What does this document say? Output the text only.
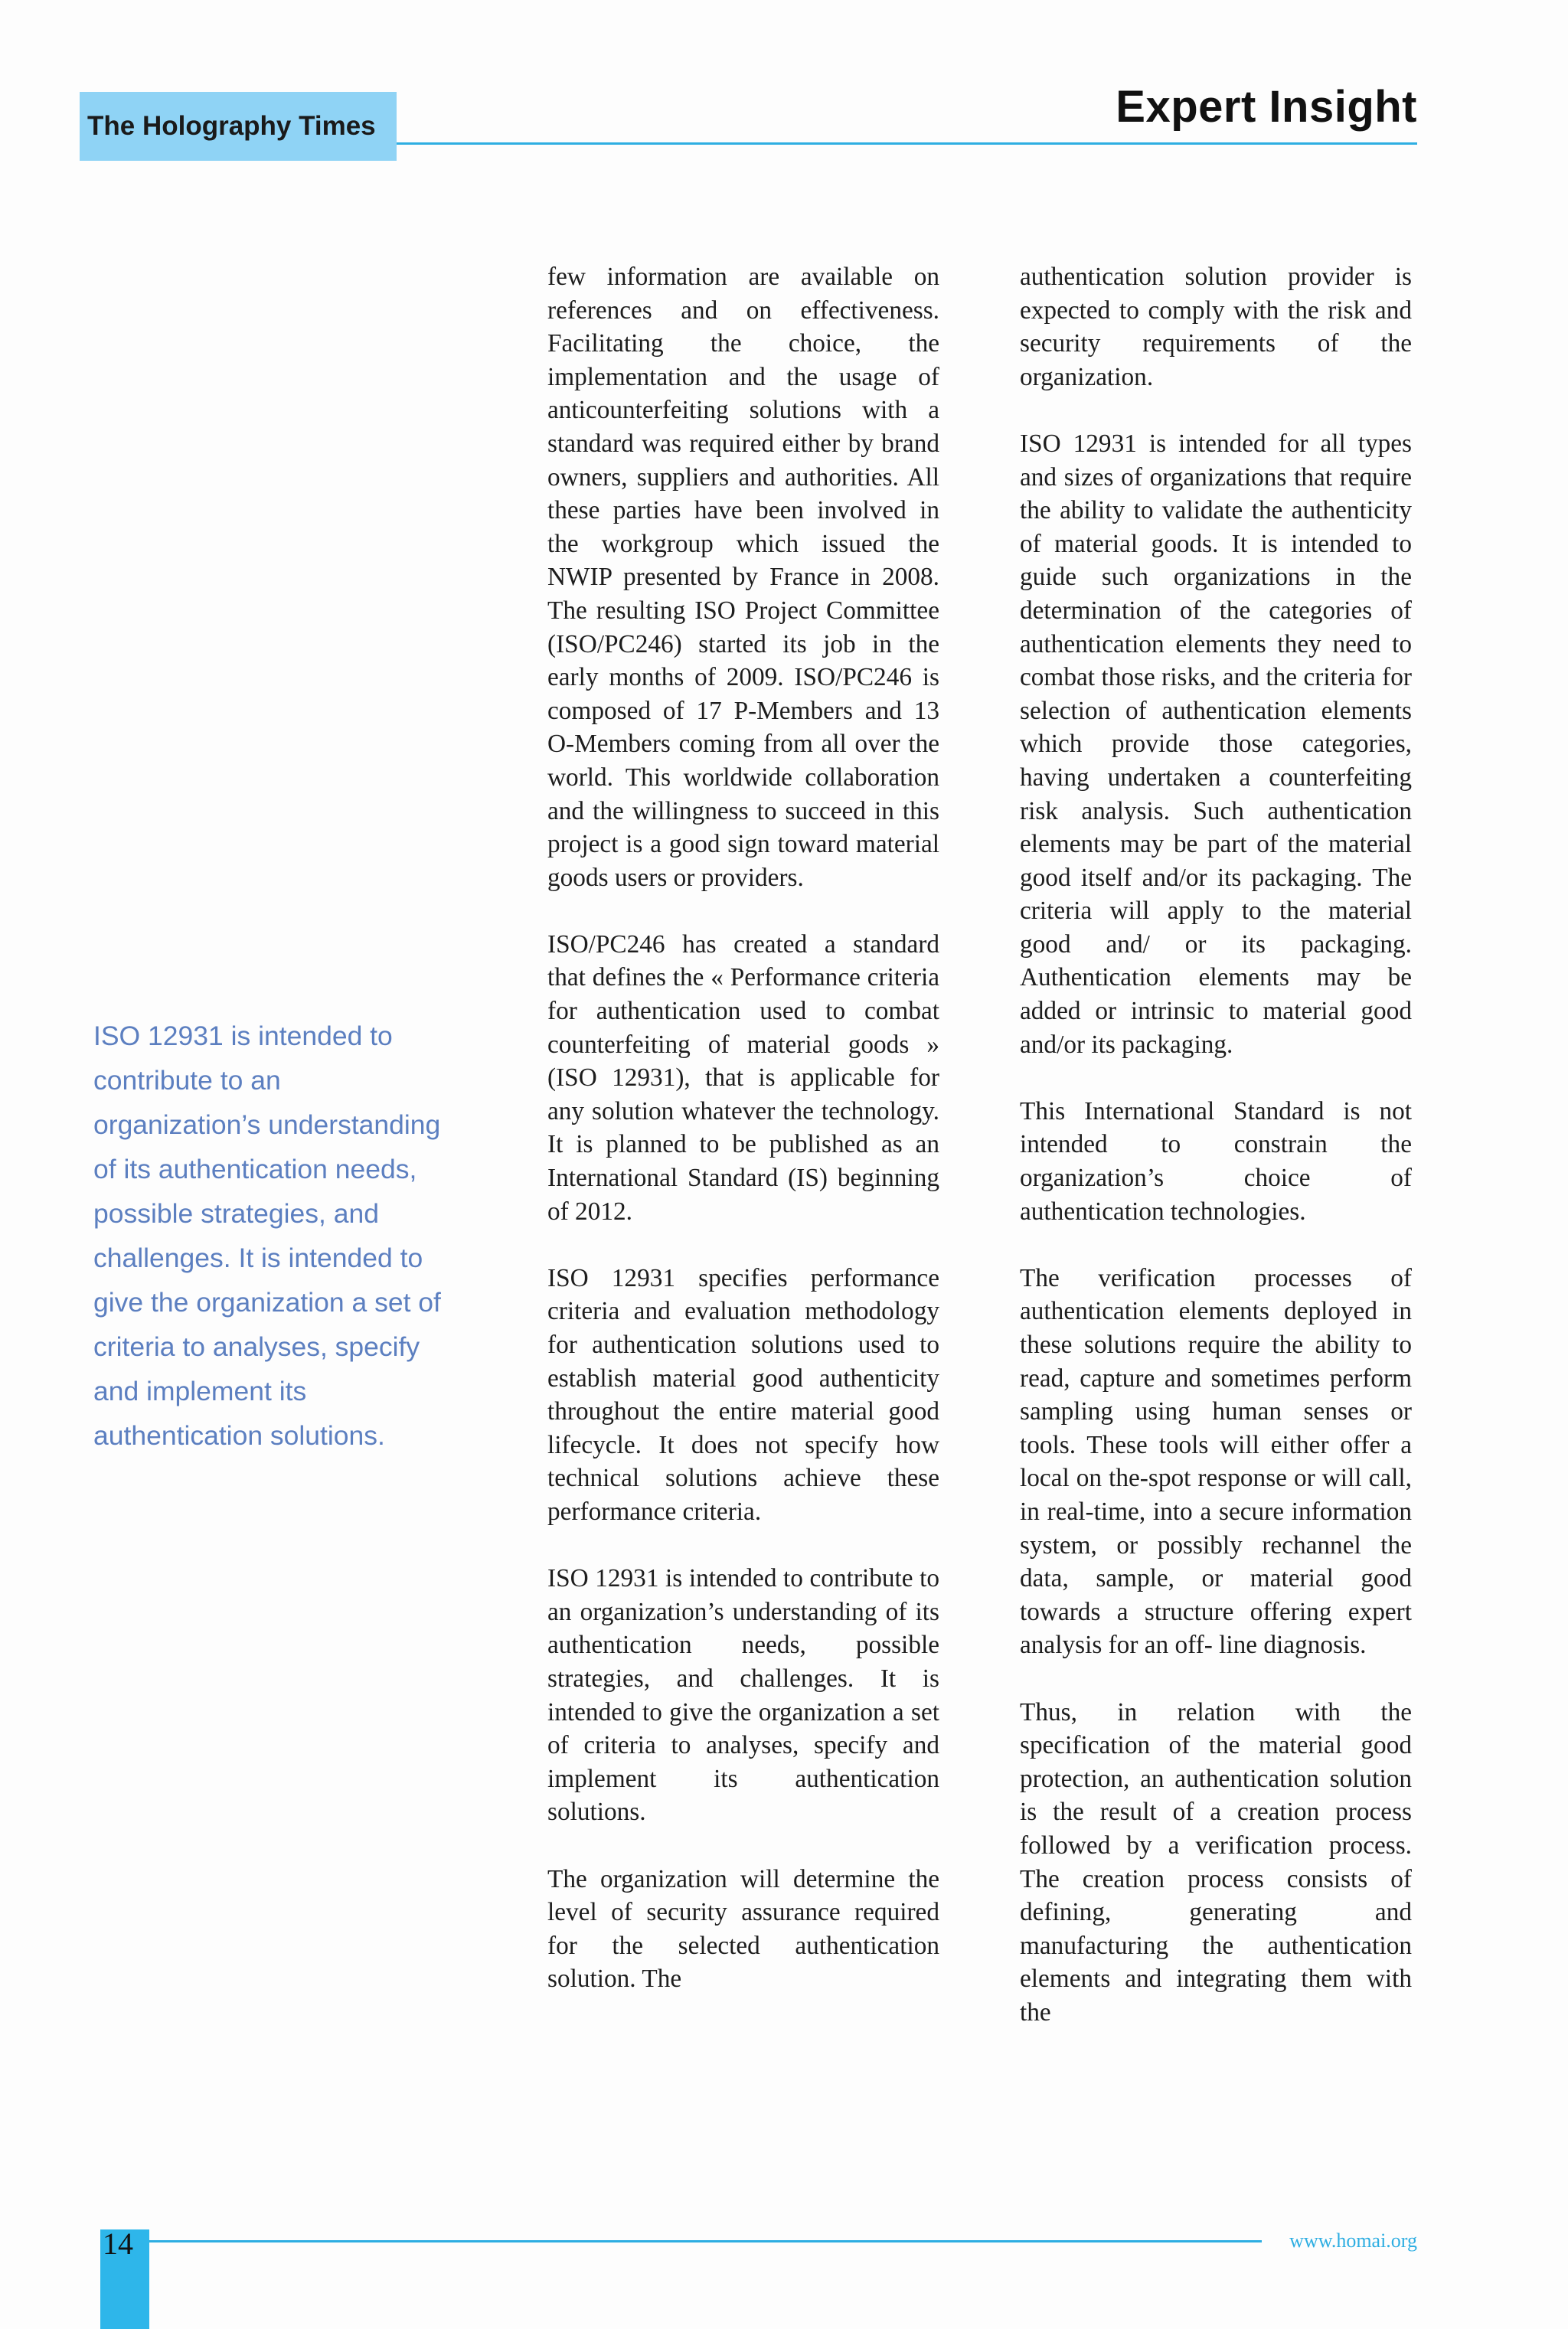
The Holography Times	Expert Insight
ISO 12931 is intended to contribute to an organization’s understanding of its authentication needs, possible strategies, and challenges. It is intended to give the organization a set of criteria to analyses, specify and implement its authentication solutions.

few information are available on references and on effectiveness. Facilitating the choice, the implementation and the usage of anticounterfeiting solutions with a standard was required either by brand owners, suppliers and authorities. All these parties have been involved in the workgroup which issued the NWIP presented by France in 2008. The resulting ISO Project Committee (ISO/PC246) started its job in the early months of 2009. ISO/PC246 is composed of 17 P-Members and 13 O-Members coming from all over the world. This worldwide collaboration and the willingness to succeed in this project is a good sign toward material goods users or providers.

ISO/PC246 has created a standard that defines the « Performance criteria for authentication used to combat counterfeiting of material goods » (ISO 12931), that is applicable for any solution whatever the technology. It is planned to be published as an International Standard (IS) beginning of 2012.

ISO 12931 specifies performance criteria and evaluation methodology for authentication solutions used to establish material good authenticity throughout the entire material good lifecycle. It does not specify how technical solutions achieve these performance criteria.

ISO 12931 is intended to contribute to an organization’s understanding of its authentication needs, possible strategies, and challenges. It is intended to give the organization a set of criteria to analyses, specify and implement its authentication solutions.

The organization will determine the level of security assurance required for the selected authentication solution. The

authentication solution provider is expected to comply with the risk and security requirements of the organization.

ISO 12931 is intended for all types and sizes of organizations that require the ability to validate the authenticity of material goods. It is intended to guide such organizations in the determination of the categories of authentication elements they need to combat those risks, and the criteria for selection of authentication elements which provide those categories, having undertaken a counterfeiting risk analysis. Such authentication elements may be part of the material good itself and/or its packaging. The criteria will apply to the material good and/ or its packaging. Authentication elements may be added or intrinsic to material good and/or its packaging.

This International Standard is not intended to constrain the organization’s choice of authentication technologies.

The verification processes of authentication elements deployed in these solutions require the ability to read, capture and sometimes perform sampling using human senses or tools. These tools will either offer a local on the-spot response or will call, in real-time, into a secure information system, or possibly rechannel the data, sample, or material good towards a structure offering expert analysis for an off- line diagnosis.

Thus, in relation with the specification of the material good protection, an authentication solution is the result of a creation process followed by a verification process. The creation process consists of defining, generating and manufacturing the authentication elements and integrating them with the

14	www.homai.org
